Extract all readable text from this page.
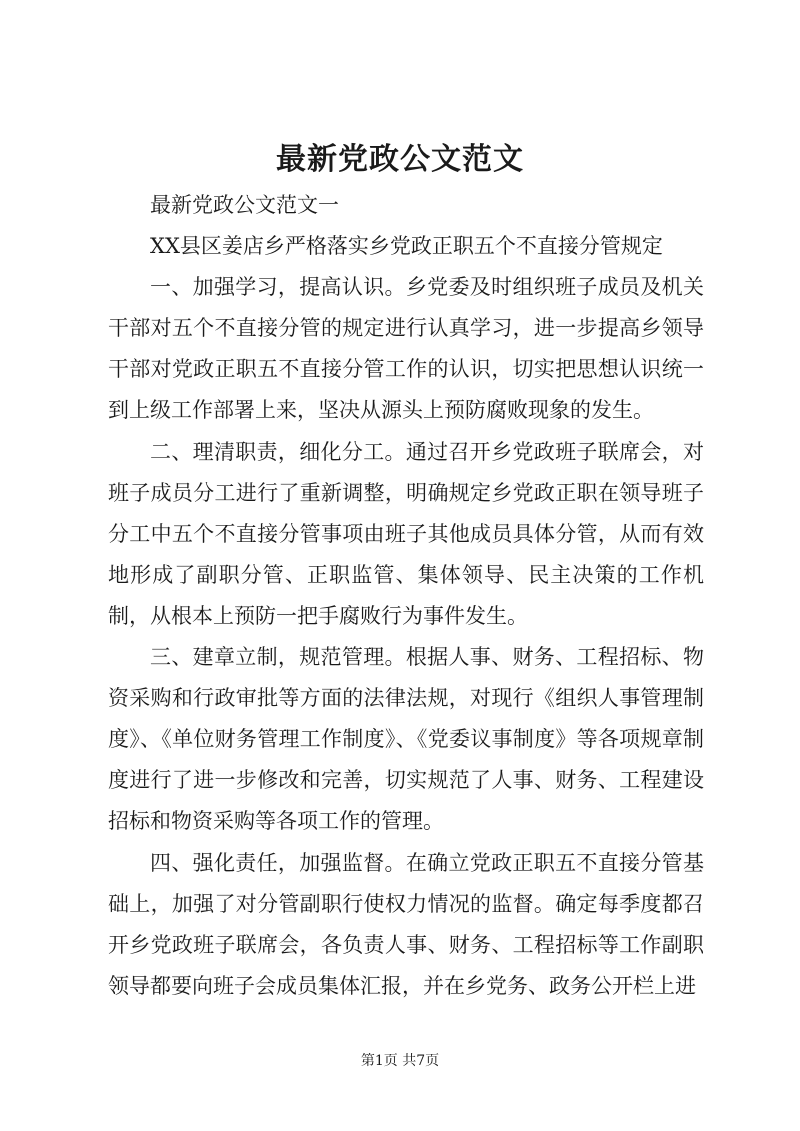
最新党政公文范文

最新党政公文范文一

XX县区姜店乡严格落实乡党政正职五个不直接分管规定

一、加强学习，提高认识。乡党委及时组织班子成员及机关干部对五个不直接分管的规定进行认真学习，进一步提高乡领导干部对党政正职五不直接分管工作的认识，切实把思想认识统一到上级工作部署上来，坚决从源头上预防腐败现象的发生。

二、理清职责，细化分工。通过召开乡党政班子联席会，对班子成员分工进行了重新调整，明确规定乡党政正职在领导班子分工中五个不直接分管事项由班子其他成员具体分管，从而有效地形成了副职分管、正职监管、集体领导、民主决策的工作机制，从根本上预防一把手腐败行为事件发生。

三、建章立制，规范管理。根据人事、财务、工程招标、物资采购和行政审批等方面的法律法规，对现行《组织人事管理制度》、《单位财务管理工作制度》、《党委议事制度》等各项规章制度进行了进一步修改和完善，切实规范了人事、财务、工程建设招标和物资采购等各项工作的管理。

四、强化责任，加强监督。在确立党政正职五不直接分管基础上，加强了对分管副职行使权力情况的监督。确定每季度都召开乡党政班子联席会，各负责人事、财务、工程招标等工作副职领导都要向班子会成员集体汇报，并在乡党务、政务公开栏上进

第1页 共7页
